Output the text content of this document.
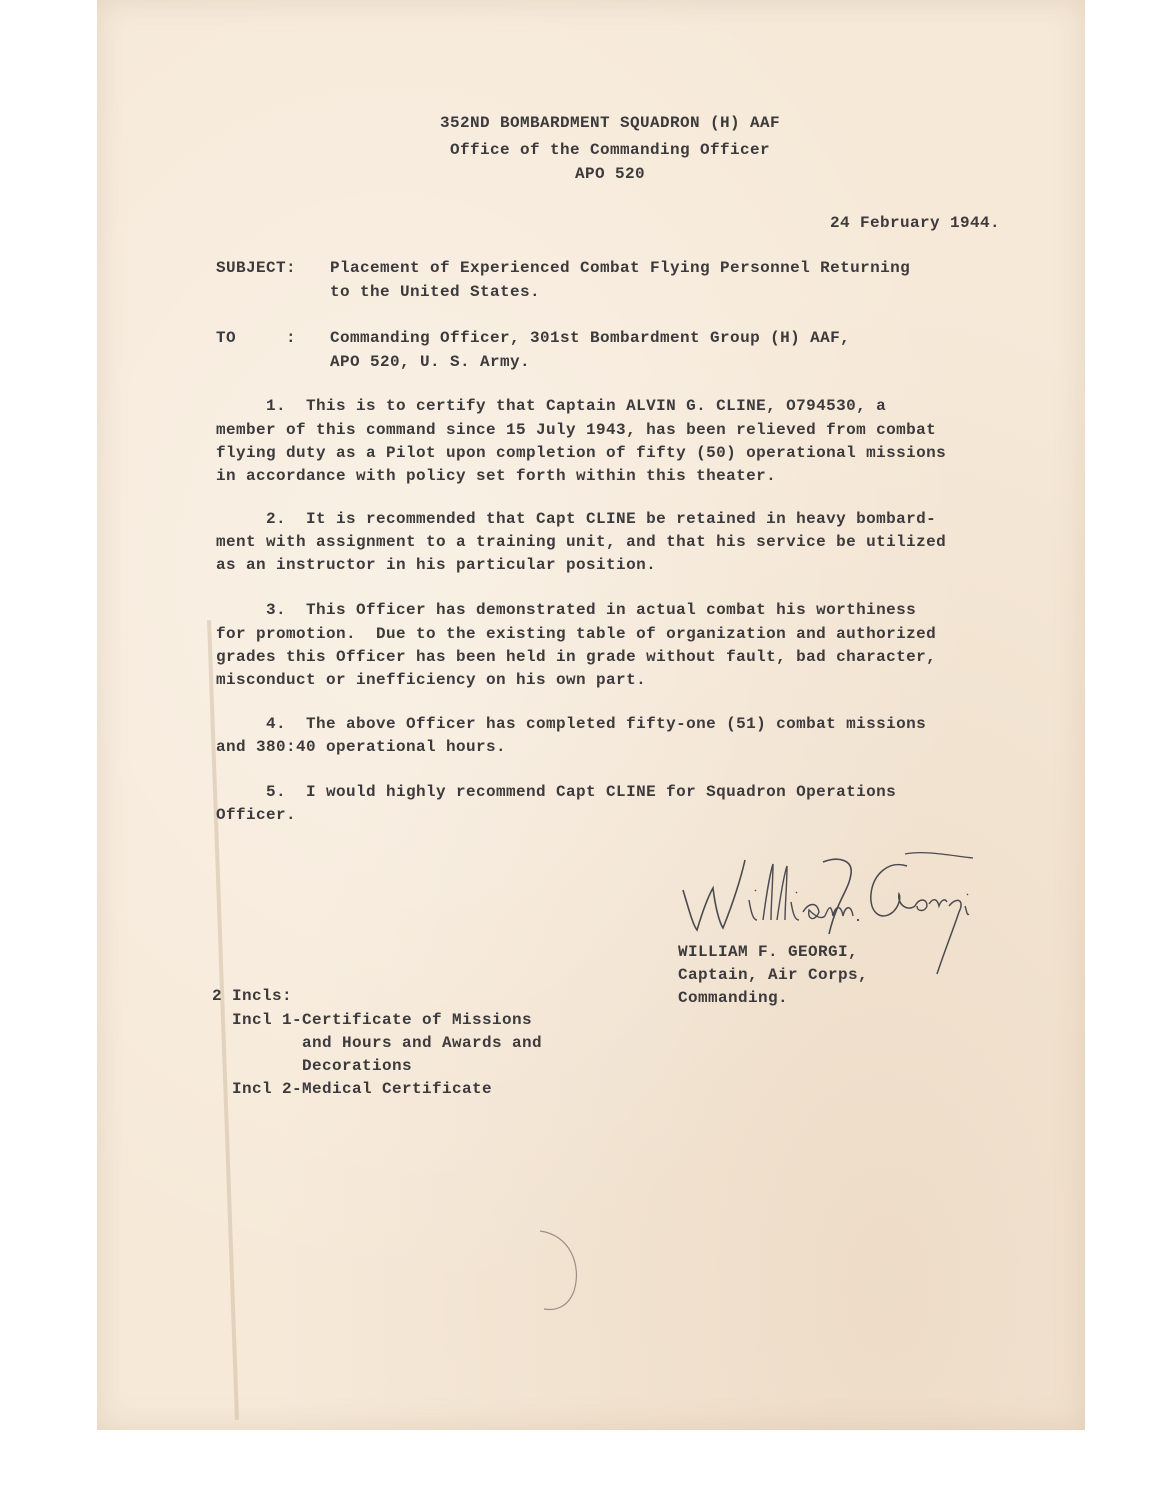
352ND BOMBARDMENT SQUADRON (H) AAF

Office of the Commanding Officer

APO 520

24 February 1944.

SUBJECT: Placement of Experienced Combat Flying Personnel Returning

to the United States.

TO     : Commanding Officer, 301st Bombardment Group (H) AAF,

APO 520, U. S. Army.

1.  This is to certify that Captain ALVIN G. CLINE, O794530, a

member of this command since 15 July 1943, has been relieved from combat

flying duty as a Pilot upon completion of fifty (50) operational missions

in accordance with policy set forth within this theater.

2.  It is recommended that Capt CLINE be retained in heavy bombard-

ment with assignment to a training unit, and that his service be utilized

as an instructor in his particular position.

3.  This Officer has demonstrated in actual combat his worthiness

for promotion.  Due to the existing table of organization and authorized

grades this Officer has been held in grade without fault, bad character,

misconduct or inefficiency on his own part.

4.  The above Officer has completed fifty-one (51) combat missions

and 380:40 operational hours.

5.  I would highly recommend Capt CLINE for Squadron Operations

Officer.

WILLIAM F. GEORGI,

Captain, Air Corps,

Commanding.

2 Incls:

Incl 1-Certificate of Missions

and Hours and Awards and

Decorations

Incl 2-Medical Certificate
